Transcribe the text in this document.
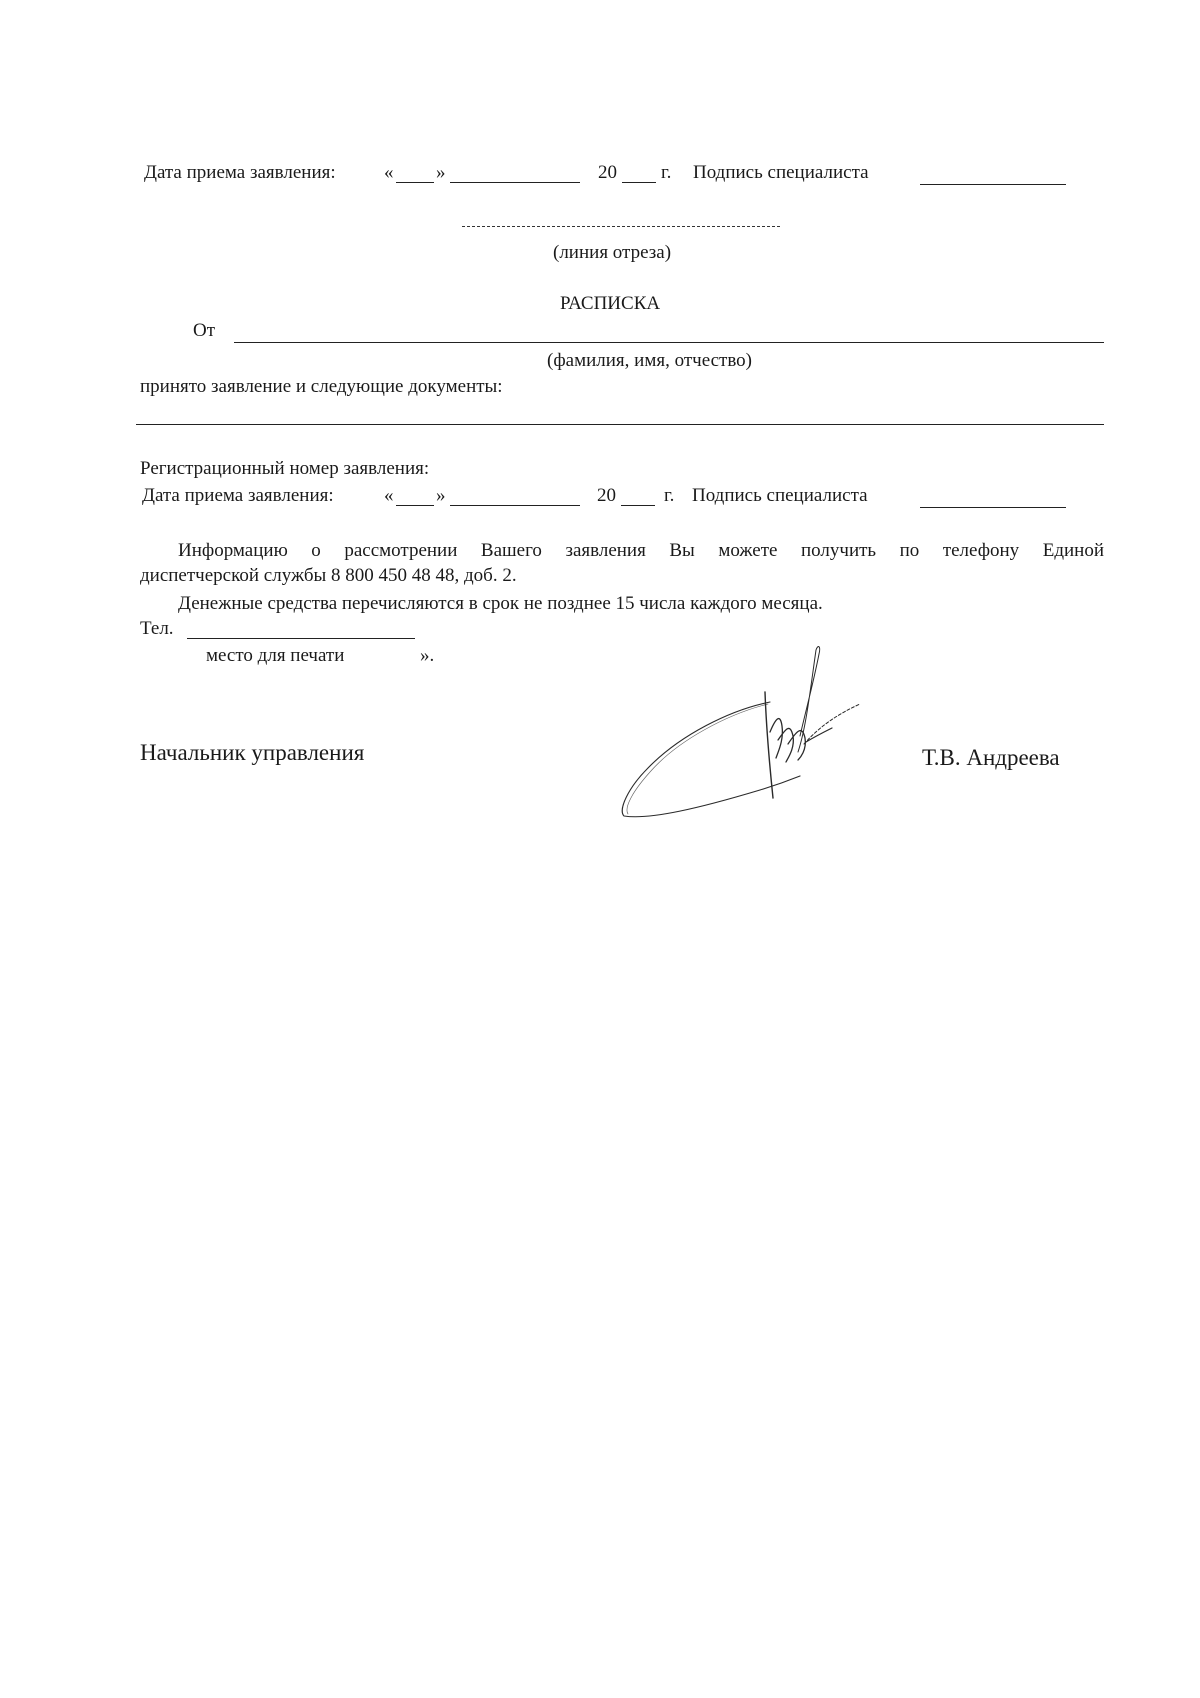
Дата приема заявления:	« »	20 г. Подпись специалиста
(линия отреза)
РАСПИСКА
От
(фамилия, имя, отчество)
принято заявление и следующие документы:
Регистрационный номер заявления:
Дата приема заявления:	« »	20	г. Подпись специалиста
Информацию о рассмотрении Вашего заявления Вы можете получить по телефону Единой
диспетчерской службы 8 800 450 48 48, доб. 2.
Денежные средства перечисляются в срок не позднее 15 числа каждого месяца.
Тел.
место для печати	».
Начальник управления	Т.В. Андреева
